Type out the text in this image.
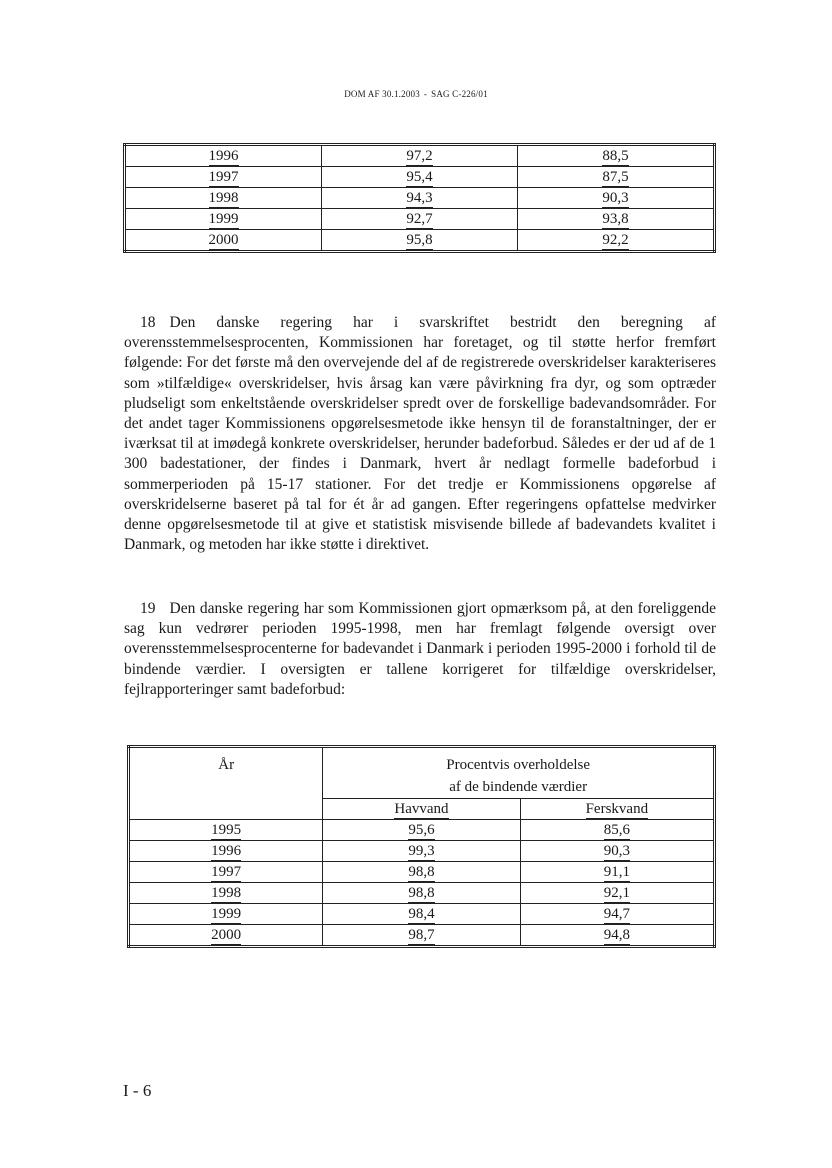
DOM AF 30.1.2003 - SAG C-226/01
1996	97,2	88,5
1997	95,4	87,5
1998	94,3	90,3
1999	92,7	93,8
2000	95,8	92,2

18 Den danske regering har i svarskriftet bestridt den beregning af overensstemmelsesprocenten, Kommissionen har foretaget, og til støtte herfor fremført følgende: For det første må den overvejende del af de registrerede overskridelser karakteriseres som »tilfældige« overskridelser, hvis årsag kan være påvirkning fra dyr, og som optræder pludseligt som enkeltstående overskridelser spredt over de forskellige badevandsområder. For det andet tager Kommissionens opgørelsesmetode ikke hensyn til de foranstaltninger, der er iværksat til at imødegå konkrete overskridelser, herunder badeforbud. Således er der ud af de 1 300 badestationer, der findes i Danmark, hvert år nedlagt formelle badeforbud i sommerperioden på 15-17 stationer. For det tredje er Kommissionens opgørelse af overskridelserne baseret på tal for ét år ad gangen. Efter regeringens opfattelse medvirker denne opgørelsesmetode til at give et statistisk misvisende billede af badevandets kvalitet i Danmark, og metoden har ikke støtte i direktivet.

19 Den danske regering har som Kommissionen gjort opmærksom på, at den foreliggende sag kun vedrører perioden 1995-1998, men har fremlagt følgende oversigt over overensstemmelsesprocenterne for badevandet i Danmark i perioden 1995-2000 i forhold til de bindende værdier. I oversigten er tallene korrigeret for tilfældige overskridelser, fejlrapporteringer samt badeforbud:

År	Procentvis overholdelse
af de bindende værdier	

	Havvand	Ferskvand
1995	95,6	85,6
1996	99,3	90,3
1997	98,8	91,1
1998	98,8	92,1
1999	98,4	94,7
2000	98,7	94,8
I - 6
